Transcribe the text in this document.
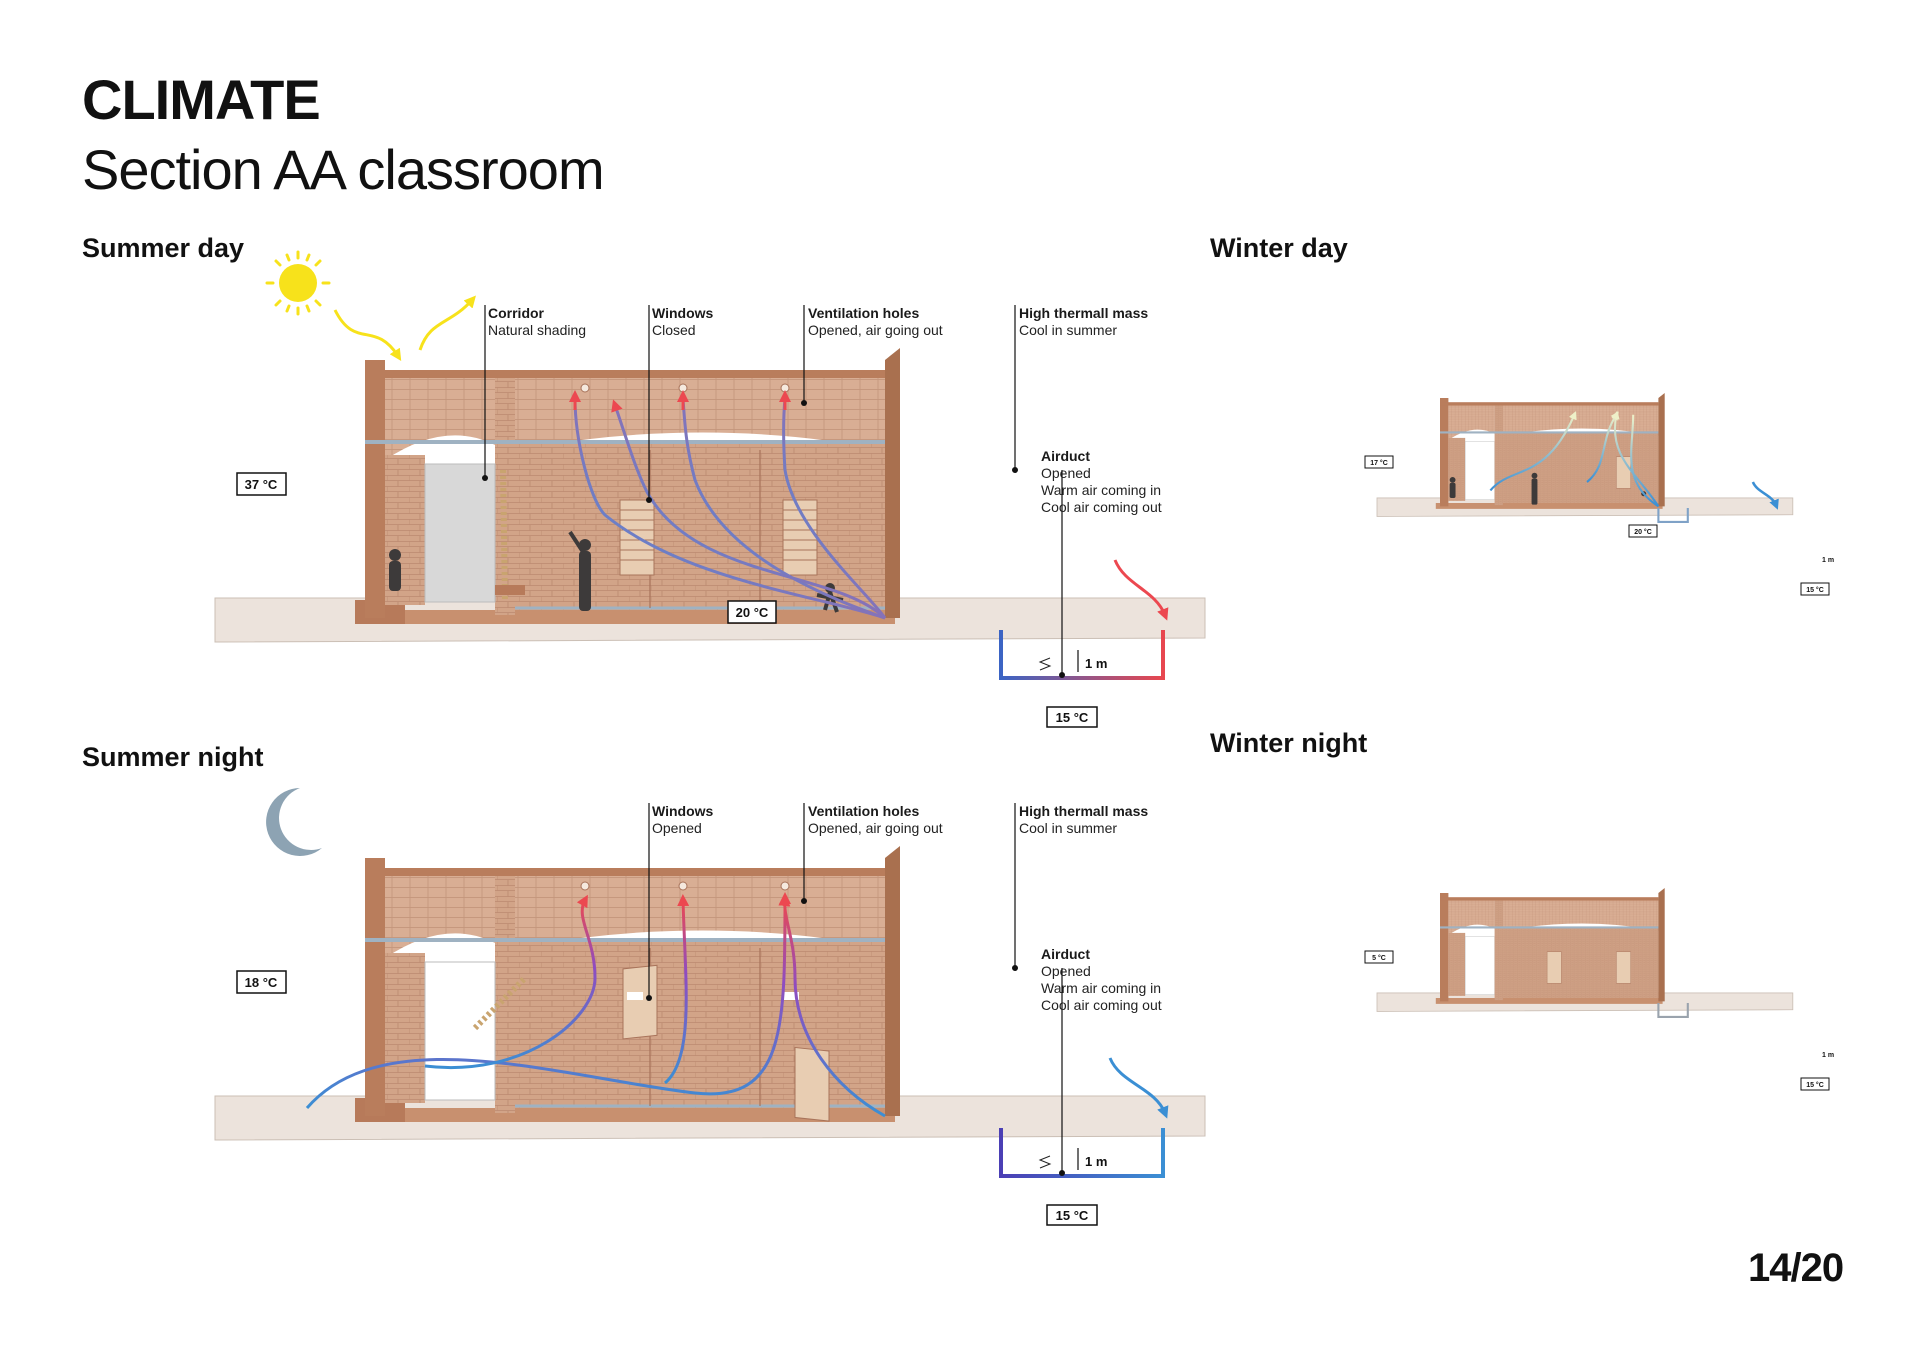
CLIMATE
Section AA classroom
Summer day	Winter day
Summer night	Winter night
14/20
1 m
37 °C
20 °C
15 °C
Corridor
Natural shading
Windows
Closed
Ventilation holes
Opened, air going out
High thermall mass
Cool in summer
Airduct
Opened
Warm air coming in
Cool air coming out
1 m
18 °C
15 °C
Windows
Opened
Ventilation holes
Opened, air going out
High thermall mass
Cool in summer
Airduct
Opened
Warm air coming in
Cool air coming out
17 °C
20 °C
15 °C
1 m
5 °C
15 °C
1 m
